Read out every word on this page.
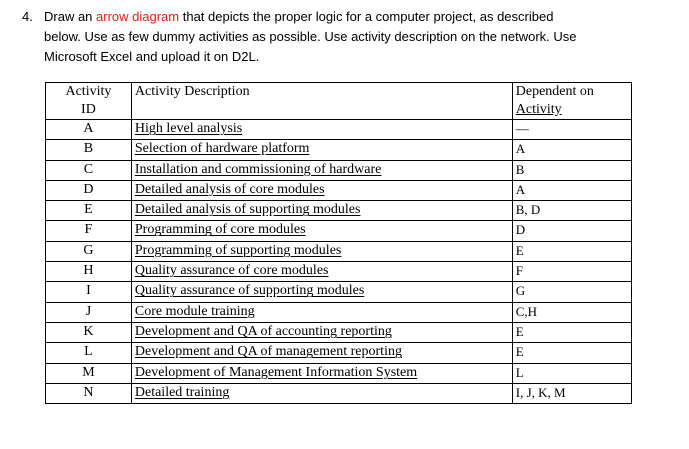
4. Draw an arrow diagram that depicts the proper logic for a computer project, as described
below. Use as few dummy activities as possible. Use activity description on the network. Use
Microsoft Excel and upload it on D2L.
Activity
ID	Activity Description	Dependent on
Activity
A	High level analysis	—
B	Selection of hardware platform	A
C	Installation and commissioning of hardware	B
D	Detailed analysis of core modules	A
E	Detailed analysis of supporting modules	B, D
F	Programming of core modules	D
G	Programming of supporting modules	E
H	Quality assurance of core modules	F
I	Quality assurance of supporting modules	G
J	Core module training	C,H
K	Development and QA of accounting reporting	E
L	Development and QA of management reporting	E
M	Development of Management Information System	L
N	Detailed training	I, J, K, M
